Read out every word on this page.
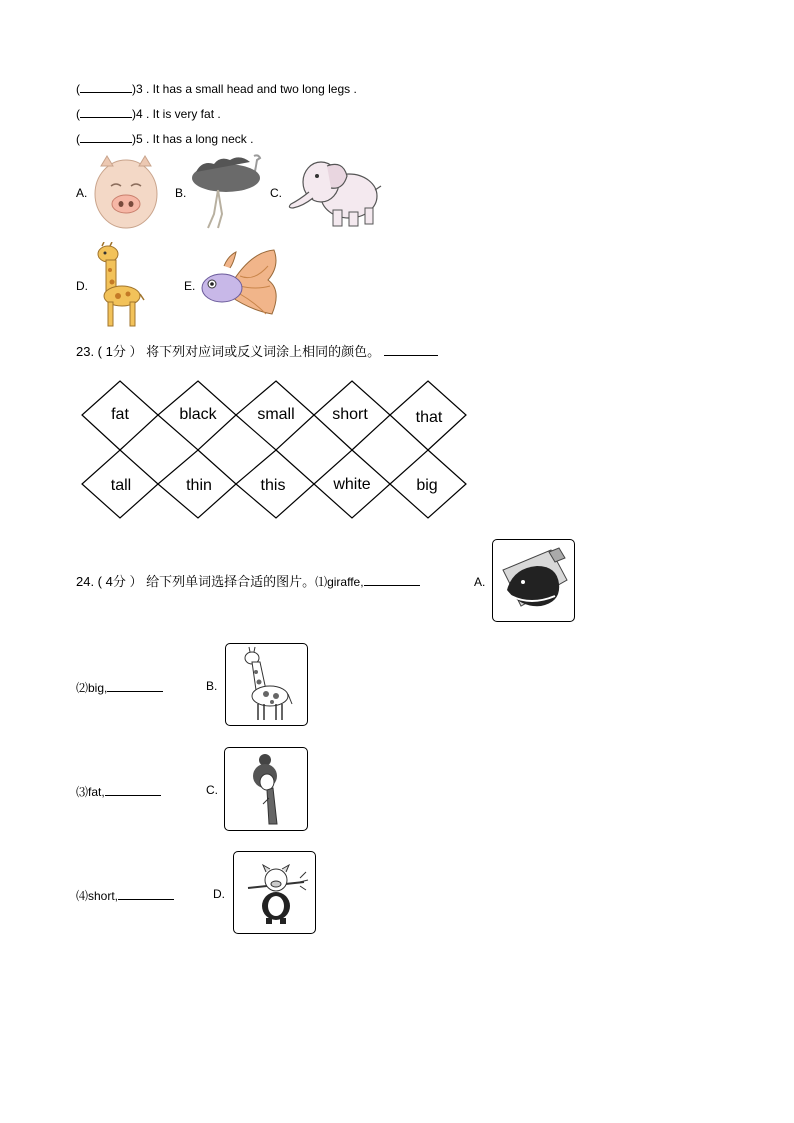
(	)3 . It has a small head and two long legs .
(	)4 . It is very fat .
(	)5 . It has a long neck .
A.	B.	C.
D.	E.
23. ( 1分 ） 将下列对应词或反义词涂上相同的颜色。
fat	black	small short	that
tall	thin	this	white	big
24. ( 4分 ） 给下列单词选择合适的图片。⑴giraffe,	A.
⑵big,	B.
⑶fat,	C.
⑷short,	D.
